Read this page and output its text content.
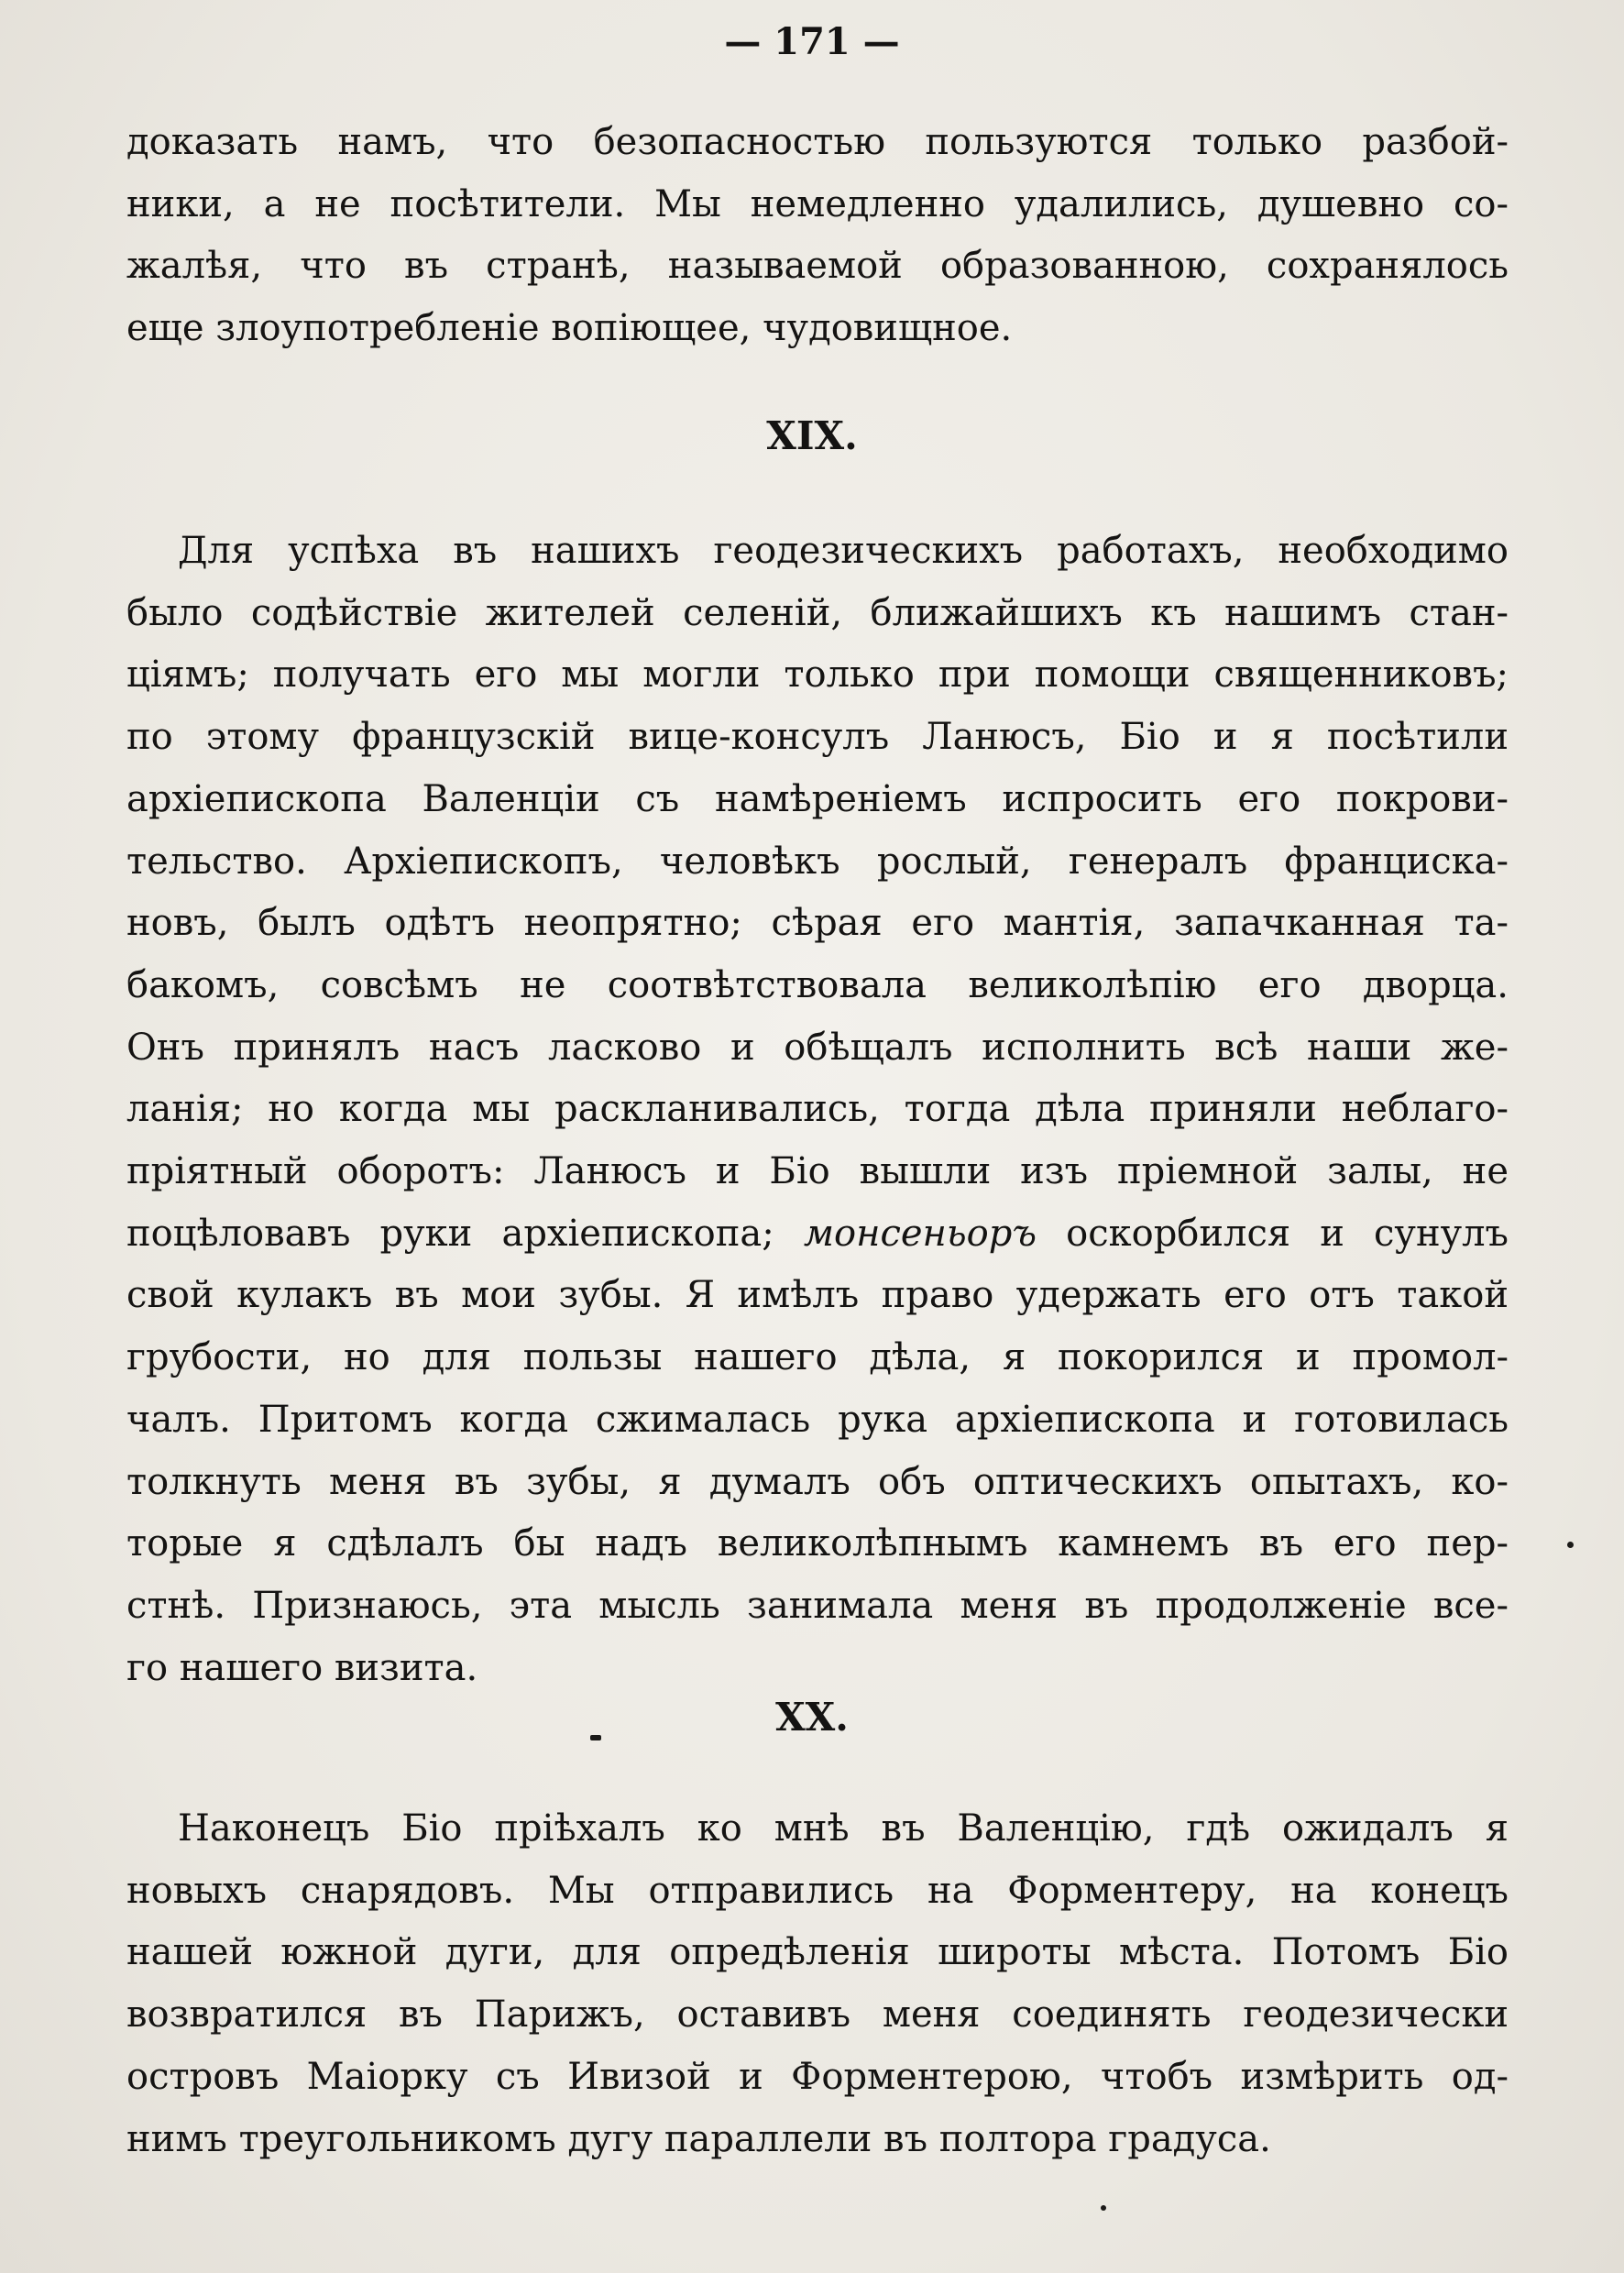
— 171 —
доказать намъ, что безопасностью пользуются только разбой-
ники, а не посѣтители. Мы немедленно удалились, душевно со-
жалѣя, что въ странѣ, называемой образованною, сохранялось
еще злоупотребленіе вопіющее, чудовищное.
XIX.
Для успѣха въ нашихъ геодезическихъ работахъ, необходимо
было содѣйствіе жителей селеній, ближайшихъ къ нашимъ стан-
ціямъ; получать его мы могли только при помощи священниковъ;
по этому французскій вице-консулъ Ланюсъ, Біо и я посѣтили
архіепископа Валенціи съ намѣреніемъ испросить его покрови-
тельство. Архіепископъ, человѣкъ рослый, генералъ францискa-
новъ, былъ одѣтъ неопрятно; сѣрая его мантія, запачканная та-
бакомъ, совсѣмъ не соотвѣтствовала великолѣпію его дворца.
Онъ принялъ насъ ласково и обѣщалъ исполнить всѣ наши же-
ланія; но когда мы раскланивались, тогда дѣла приняли неблаго-
пріятный оборотъ: Ланюсъ и Біо вышли изъ пріемной залы, не
поцѣловавъ руки архіепископа; монсеньоръ оскорбился и сунулъ
свой кулакъ въ мои зубы. Я имѣлъ право удержать его отъ такой
грубости, но для пользы нашего дѣла, я покорился и промол-
чалъ. Притомъ когда сжималась рука архіепископа и готовилась
толкнуть меня въ зубы, я думалъ объ оптическихъ опытахъ, ко-
торые я сдѣлалъ бы надъ великолѣпнымъ камнемъ въ его пер-
стнѣ. Признаюсь, эта мысль занимала меня въ продолженіе все-
го нашего визита.
XX.
Наконецъ Біо пріѣхалъ ко мнѣ въ Валенцію, гдѣ ожидалъ я
новыхъ снарядовъ. Мы отправились на Форментеру, на конецъ
нашей южной дуги, для опредѣленія широты мѣста. Потомъ Біо
возвратился въ Парижъ, оставивъ меня соединять геодезически
островъ Маіорку съ Ивизой и Форментерою, чтобъ измѣрить од-
нимъ треугольникомъ дугу параллели въ полтора градуса.
